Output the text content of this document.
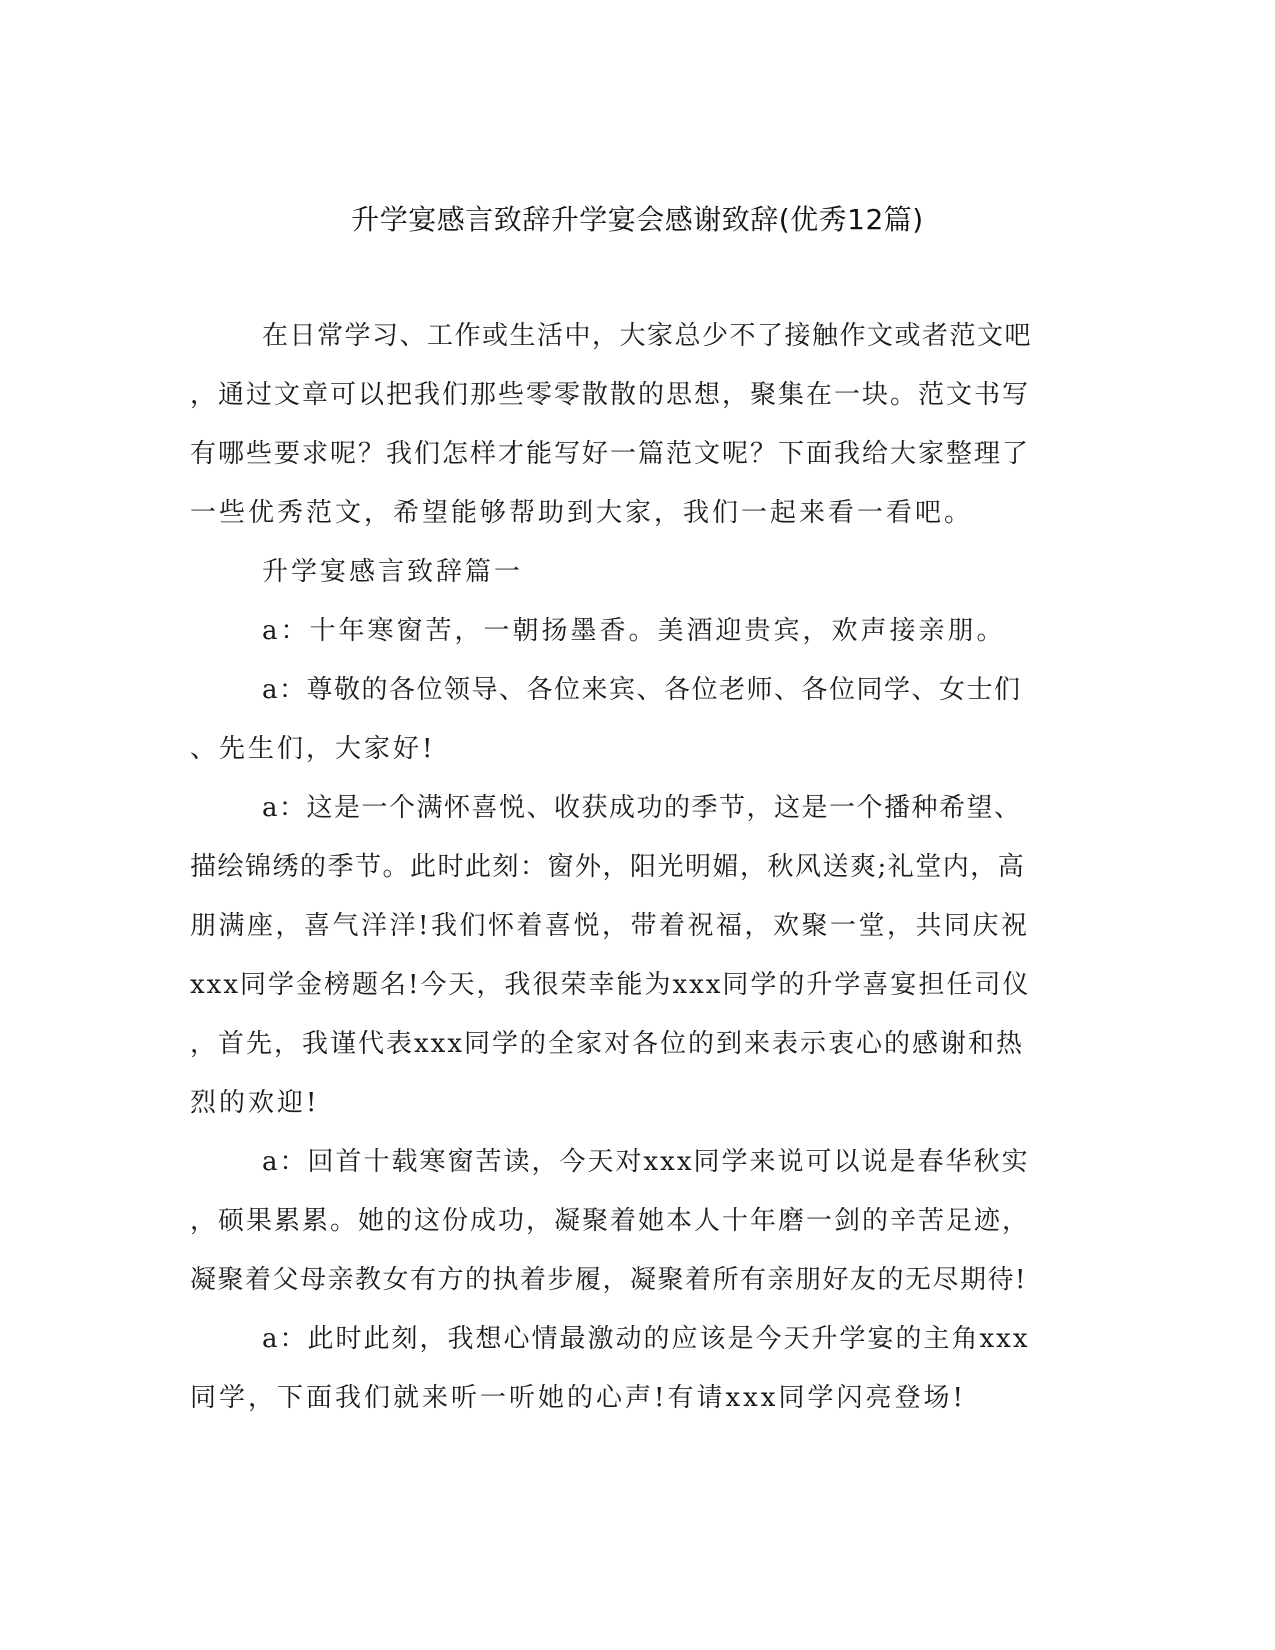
升学宴感言致辞升学宴会感谢致辞(优秀12篇)
在日常学习、工作或生活中，大家总少不了接触作文或者范文吧
，通过文章可以把我们那些零零散散的思想，聚集在一块。范文书写
有哪些要求呢？我们怎样才能写好一篇范文呢？下面我给大家整理了
一些优秀范文，希望能够帮助到大家，我们一起来看一看吧。
升学宴感言致辞篇一
a：十年寒窗苦，一朝扬墨香。美酒迎贵宾，欢声接亲朋。
a：尊敬的各位领导、各位来宾、各位老师、各位同学、女士们
、先生们，大家好!
a：这是一个满怀喜悦、收获成功的季节，这是一个播种希望、
描绘锦绣的季节。此时此刻：窗外，阳光明媚，秋风送爽;礼堂内，高
朋满座，喜气洋洋!我们怀着喜悦，带着祝福，欢聚一堂，共同庆祝
xxx同学金榜题名!今天，我很荣幸能为xxx同学的升学喜宴担任司仪
，首先，我谨代表xxx同学的全家对各位的到来表示衷心的感谢和热
烈的欢迎!
a：回首十载寒窗苦读，今天对xxx同学来说可以说是春华秋实
，硕果累累。她的这份成功，凝聚着她本人十年磨一剑的辛苦足迹，
凝聚着父母亲教女有方的执着步履，凝聚着所有亲朋好友的无尽期待!
a：此时此刻，我想心情最激动的应该是今天升学宴的主角xxx
同学，下面我们就来听一听她的心声!有请xxx同学闪亮登场!
